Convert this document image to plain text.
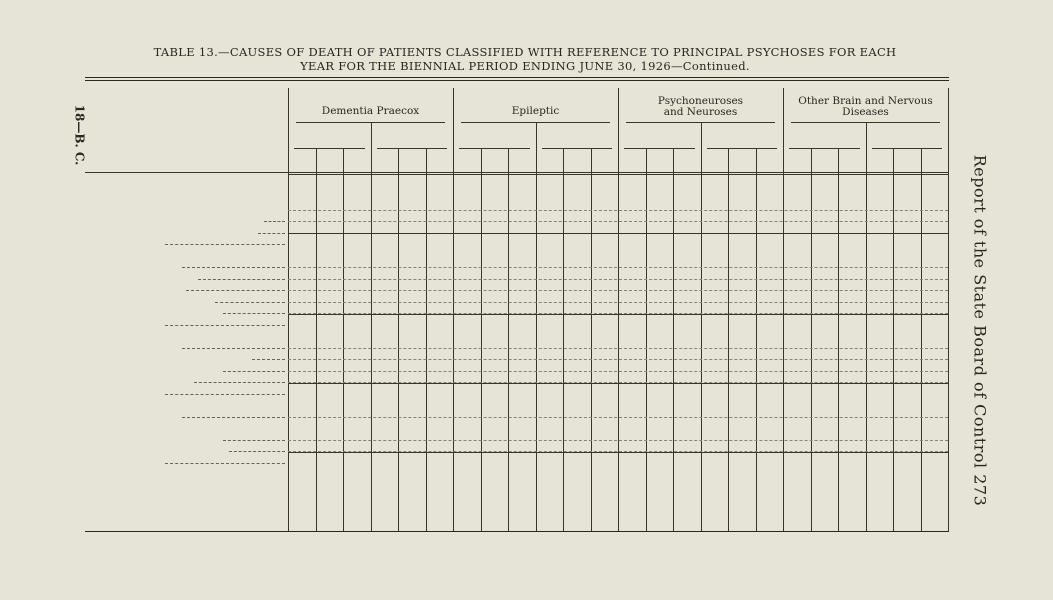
TABLE 13.—CAUSES OF DEATH OF PATIENTS CLASSIFIED WITH REFERENCE TO PRINCIPAL PSYCHOSES FOR EACH
YEAR FOR THE BIENNIAL PERIOD ENDING JUNE 30, 1926—Continued.
18—B. C.
Report of the State Board of Control 273
Dementia Praecox	Epileptic
Psychoneuroses
and Neuroses
Other Brain and Nervous
Diseases
